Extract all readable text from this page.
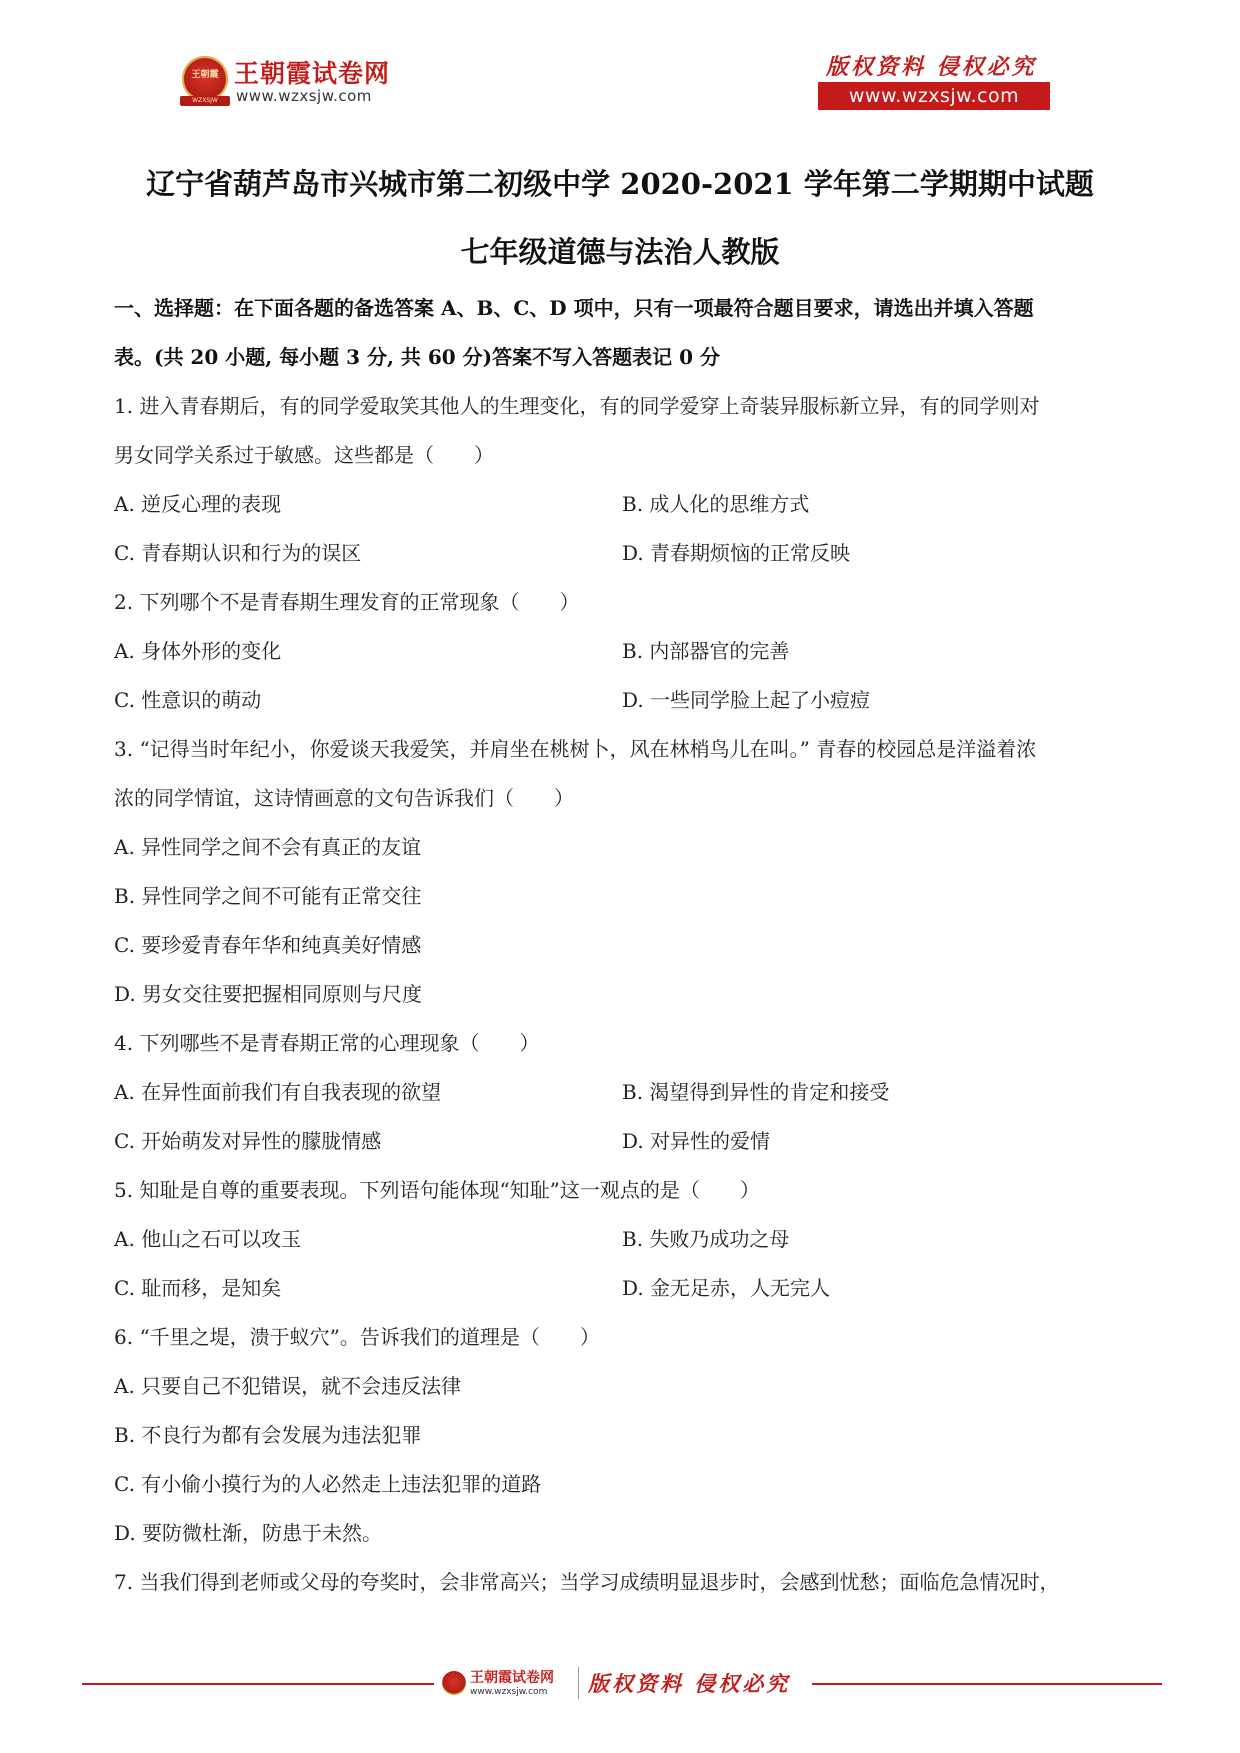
王朝霞
WZXSJW
王朝霞试卷网
www.wzxsjw.com
版权资料 侵权必究
www.wzxsjw.com
辽宁省葫芦岛市兴城市第二初级中学 2020-2021 学年第二学期期中试题
七年级道德与法治人教版
一、选择题：在下面各题的备选答案 A、B、C、D 项中，只有一项最符合题目要求，请选出并填入答题
表。(共 20 小题, 每小题 3 分, 共 60 分)答案不写入答题表记 0 分
1. 进入青春期后，有的同学爱取笑其他人的生理变化，有的同学爱穿上奇装异服标新立异，有的同学则对
男女同学关系过于敏感。这些都是（　　）
A. 逆反心理的表现	B. 成人化的思维方式
C. 青春期认识和行为的误区	D. 青春期烦恼的正常反映
2. 下列哪个不是青春期生理发育的正常现象（　　）
A. 身体外形的变化	B. 内部器官的完善
C. 性意识的萌动	D. 一些同学脸上起了小痘痘
3. “记得当时年纪小，你爱谈天我爱笑，并肩坐在桃树卜，风在林梢鸟儿在叫。” 青春的校园总是洋溢着浓
浓的同学情谊，这诗情画意的文句告诉我们（　　）
A. 异性同学之间不会有真正的友谊
B. 异性同学之间不可能有正常交往
C. 要珍爱青春年华和纯真美好情感
D. 男女交往要把握相同原则与尺度
4. 下列哪些不是青春期正常的心理现象（　　）
A. 在异性面前我们有自我表现的欲望	B. 渴望得到异性的肯定和接受
C. 开始萌发对异性的朦胧情感	D. 对异性的爱情
5. 知耻是自尊的重要表现。下列语句能体现“知耻”这一观点的是（　　）
A. 他山之石可以攻玉	B. 失败乃成功之母
C. 耻而移，是知矣	D. 金无足赤，人无完人
6. “千里之堤，溃于蚁穴”。告诉我们的道理是（　　）
A. 只要自己不犯错误，就不会违反法律
B. 不良行为都有会发展为违法犯罪
C. 有小偷小摸行为的人必然走上违法犯罪的道路
D. 要防微杜渐，防患于未然。
7. 当我们得到老师或父母的夸奖时，会非常高兴；当学习成绩明显退步时，会感到忧愁；面临危急情况时，
王朝霞试卷网
www.wzxsjw.com 版权资料 侵权必究
